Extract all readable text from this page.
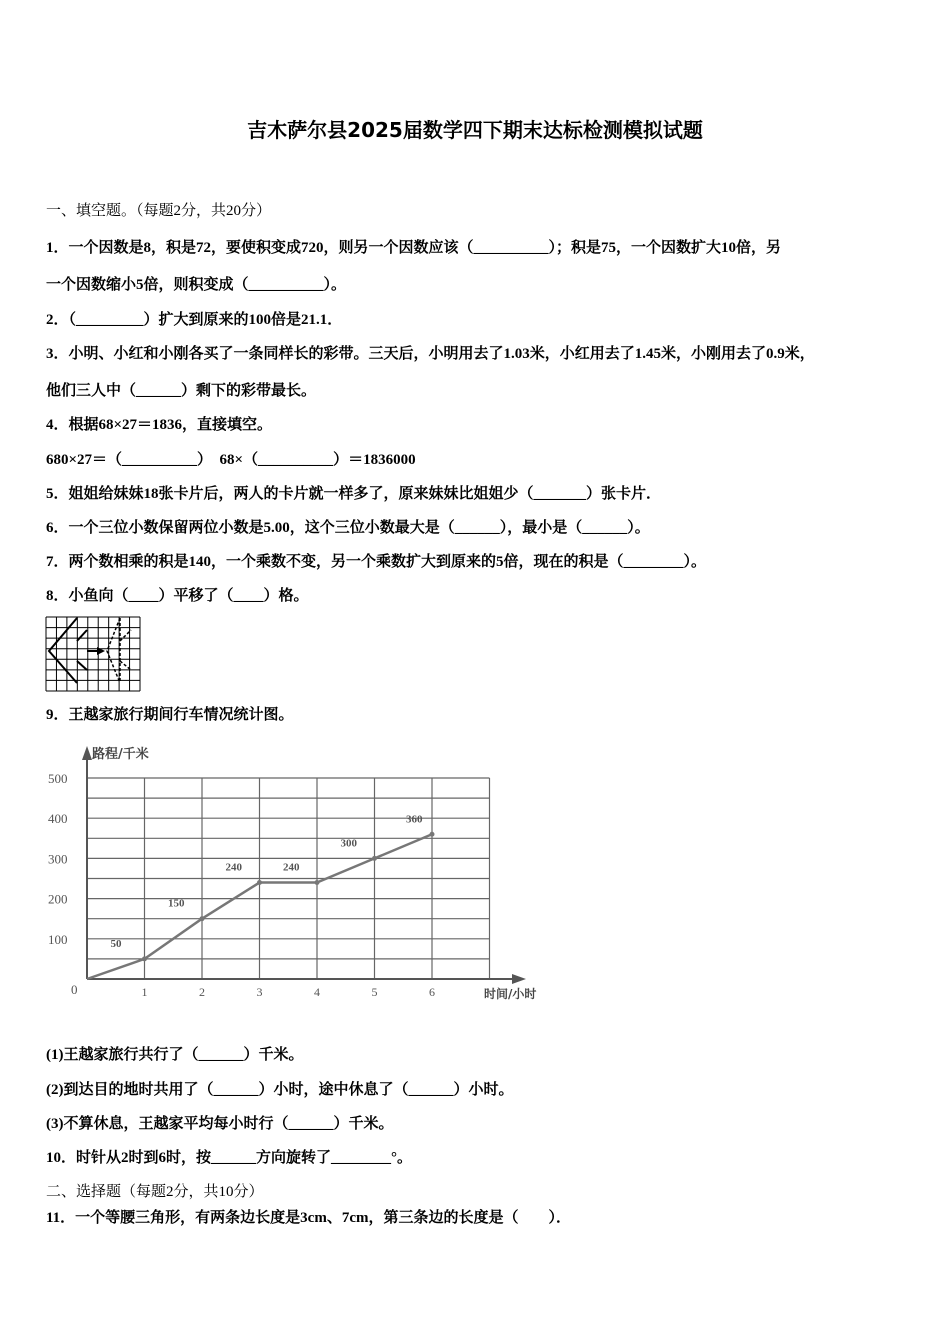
吉木萨尔县2025届数学四下期末达标检测模拟试题
一、填空题。（每题2分，共20分）
1．一个因数是8，积是72，要使积变成720，则另一个因数应该（__________）；积是75，一个因数扩大10倍，另
一个因数缩小5倍，则积变成（__________）。
2．（_________）扩大到原来的100倍是21.1．
3．小明、小红和小刚各买了一条同样长的彩带。三天后，小明用去了1.03米，小红用去了1.45米，小刚用去了0.9米，
他们三人中（______）剩下的彩带最长。
4．根据68×27＝1836，直接填空。
680×27＝（__________）　68×（__________）＝1836000
5．姐姐给妹妹18张卡片后，两人的卡片就一样多了，原来妹妹比姐姐少（_______）张卡片．
6．一个三位小数保留两位小数是5.00，这个三位小数最大是（______），最小是（______）。
7．两个数相乘的积是140，一个乘数不变，另一个乘数扩大到原来的5倍，现在的积是（________）。
8．小鱼向（____）平移了（____）格。
9．王越家旅行期间行车情况统计图。
路程/千米
时间/小时
0	1	2	3	4	5	6
100
200
300
400
500
50
150
240	240
300
360
(1)王越家旅行共行了（______）千米。
(2)到达目的地时共用了（______）小时，途中休息了（______）小时。
(3)不算休息，王越家平均每小时行（______）千米。
10．时针从2时到6时，按______方向旋转了________°。
二、选择题（每题2分，共10分）
11．一个等腰三角形，有两条边长度是3cm、7cm，第三条边的长度是（　　）．
